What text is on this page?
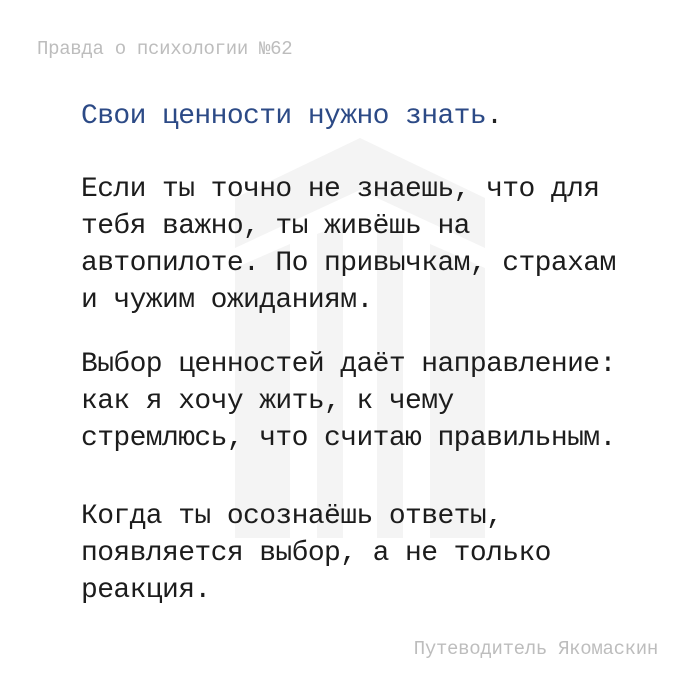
Правда о психологии №62
Свои ценности нужно знать.

Если ты точно не знаешь, что для
тебя важно, ты живёшь на
автопилоте. По привычкам, страхам
и чужим ожиданиям.

Выбор ценностей даёт направление:
как я хочу жить, к чему
стремлюсь, что считаю правильным.

Когда ты осознаёшь ответы,
появляется выбор, а не только
реакция.

Путеводитель Якомаскин
